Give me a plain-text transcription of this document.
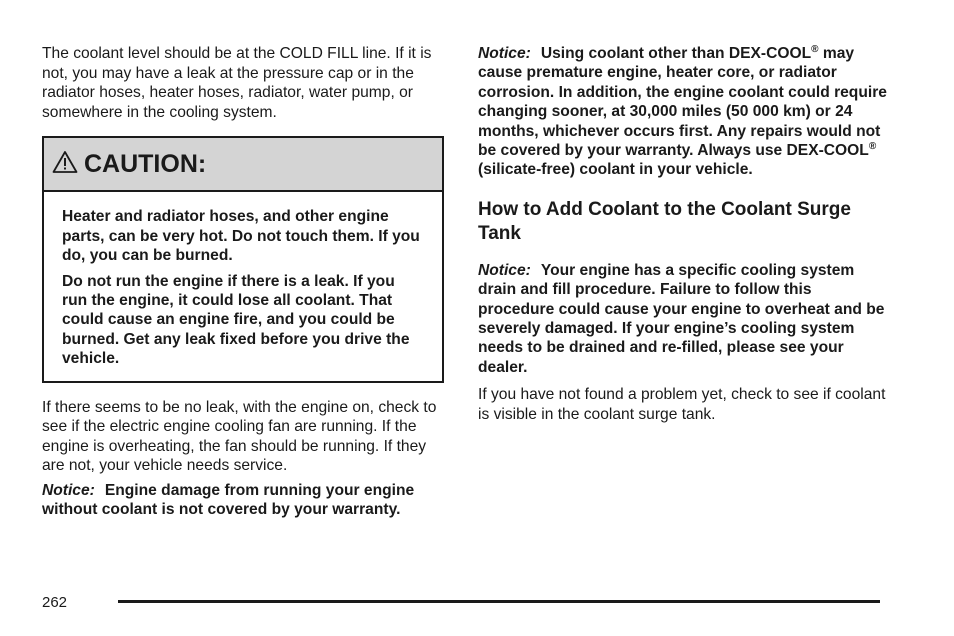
The coolant level should be at the COLD FILL line. If it is not, you may have a leak at the pressure cap or in the radiator hoses, heater hoses, radiator, water pump, or somewhere in the cooling system.

CAUTION:

Heater and radiator hoses, and other engine parts, can be very hot. Do not touch them. If you do, you can be burned.

Do not run the engine if there is a leak. If you run the engine, it could lose all coolant. That could cause an engine fire, and you could be burned. Get any leak fixed before you drive the vehicle.

If there seems to be no leak, with the engine on, check to see if the electric engine cooling fan are running. If the engine is overheating, the fan should be running. If they are not, your vehicle needs service.

Notice: Engine damage from running your engine without coolant is not covered by your warranty.

Notice: Using coolant other than DEX-COOL® may cause premature engine, heater core, or radiator corrosion. In addition, the engine coolant could require changing sooner, at 30,000 miles (50 000 km) or 24 months, whichever occurs first. Any repairs would not be covered by your warranty. Always use DEX-COOL® (silicate-free) coolant in your vehicle.

How to Add Coolant to the Coolant Surge Tank

Notice: Your engine has a specific cooling system drain and fill procedure. Failure to follow this procedure could cause your engine to overheat and be severely damaged. If your engine’s cooling system needs to be drained and re-filled, please see your dealer.

If you have not found a problem yet, check to see if coolant is visible in the coolant surge tank.

262
